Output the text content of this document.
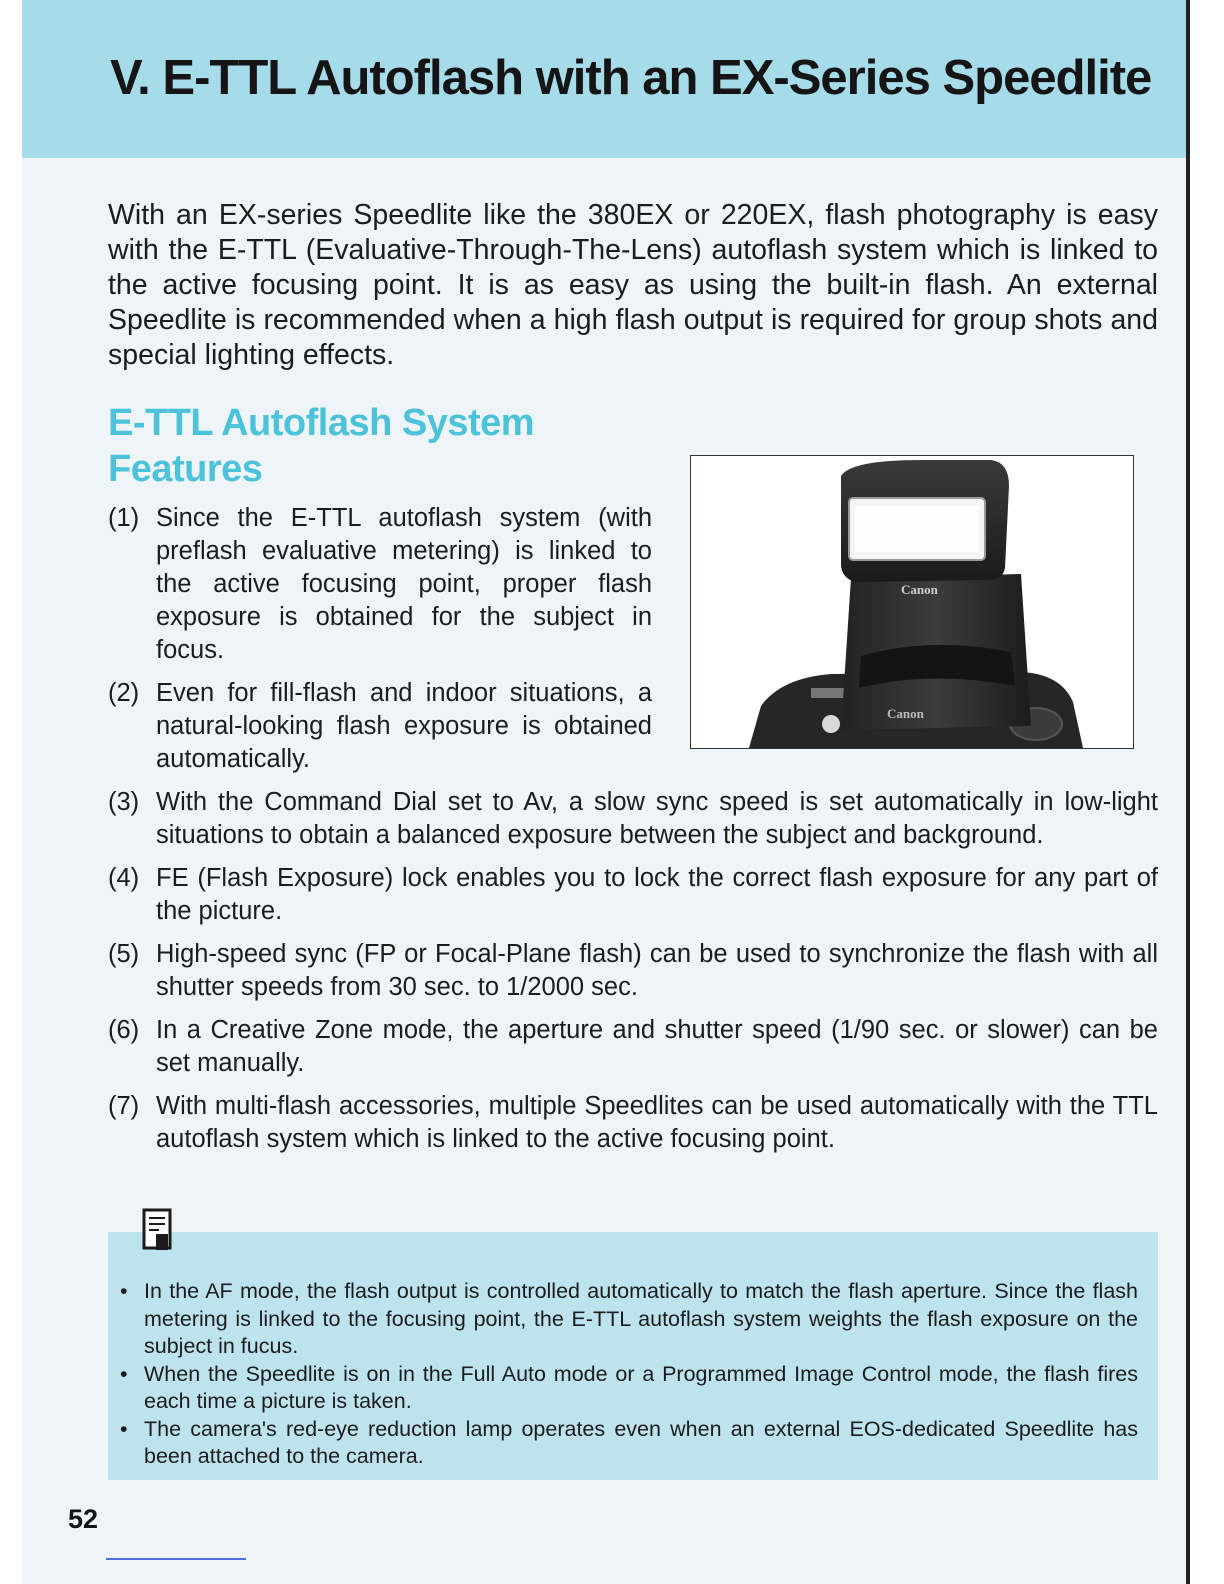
V. E-TTL Autoflash with an EX-Series Speedlite

With an EX-series Speedlite like the 380EX or 220EX, flash photography is easy with the E-TTL (Evaluative-Through-The-Lens) autoflash system which is linked to the active focusing point. It is as easy as using the built-in flash. An external Speedlite is recommended when a high flash output is required for group shots and special lighting effects.

E-TTL Autoflash System Features
Canon
Canon
(1) Since the E-TTL autoflash system (with preflash evaluative metering) is linked to the active focusing point, proper flash exposure is obtained for the subject in focus.
(2) Even for fill-flash and indoor situations, a natural-looking flash exposure is obtained automatically.
(3) With the Command Dial set to Av, a slow sync speed is set automatically in low-light situations to obtain a balanced exposure between the subject and background.
(4) FE (Flash Exposure) lock enables you to lock the correct flash exposure for any part of the picture.
(5) High-speed sync (FP or Focal-Plane flash) can be used to synchronize the flash with all shutter speeds from 30 sec. to 1/2000 sec.
(6) In a Creative Zone mode, the aperture and shutter speed (1/90 sec. or slower) can be set manually.
(7) With multi-flash accessories, multiple Speedlites can be used automatically with the TTL autoflash system which is linked to the active focusing point.
• In the AF mode, the flash output is controlled automatically to match the flash aperture. Since the flash metering is linked to the focusing point, the E-TTL autoflash system weights the flash exposure on the subject in fucus.
• When the Speedlite is on in the Full Auto mode or a Programmed Image Control mode, the flash fires each time a picture is taken.
• The camera's red-eye reduction lamp operates even when an external EOS-dedicated Speedlite has been attached to the camera.

52
